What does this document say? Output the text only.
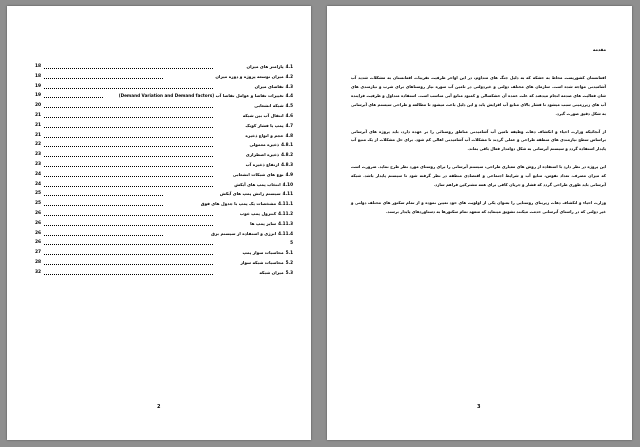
4.1پارامتر های میزان
18
4.2میزان توسعه پروژه و دوره میزان
18
4.3تقاضای میزان
19
4.4تغییرات تقاضا و عوامل تقاضا آب (Demand Variation and Demand factors)
19
4.5شبکه انشعابی
20
4.6انتقال آب بین شبکه
21
4.7پمپ یا فشار کوبک
21
4.8حجم و انواع ذخیره
21
4.8.1ذخیره معمولی
22
4.8.2ذخیره اضطراری
23
4.8.3ارتفاع ذخیره آب
23
4.9نوع های شبکات انشعابی
24
4.10انتخاب پمپ های آبکش
24
4.11سیستم رانش پمپ های آبکش
25
4.11.1مشخصات یک پمپ با جدول های فوق
25
4.11.2کنترول پمپ خوب
26
4.11.3سایز پمپ ها
26
4.11.4انرژی و استفاده از سیستم برق
26
5
26
5.1محاسبات سوار پمپ
27
5.2محاسبات شبکه سوار
28
5.3میزان شبکه
32
2
مقدمه

افغانستان کشوریست محاط به خشکه که به دلیل جنگ های متداوم، در این اواخر ظرفیت تقریبات افغانستان به مشکلات شدید آب آشامیدنی مواجه شده است. سازمان های مختلف دولتی و غیردولتی در تامین آب سوره نیاز روستاهای برای شرب و نیازمندی های شان فعالیت های صدمه انجام میدهند که علت عمده آن خشکسالی و کمبود منابع آبی مناسب است. استفاده متداول و ظرفیت فزاینده آب های زیرزمینی سبب میشود تا فشار بالای منابع آب افزایش یابد و این دلیل باعث میشود تا مطالعه و طراحی سیستم های آبرسانی به شکل دقیق صورت گیرد.

از آنجائیکه وزارت احیاء و انکشاف دهات وظیفه تامین آب آشامیدنی مناطق روستائی را بر عهده دارد، باید پروژه های آبرسانی براساس سطح نیازمندی های منطقه طراحی و عملی گردند تا مشکلات آب آشامیدنی اهالی کم شود. برای حل مشکلات از یک منبع آب پایدار استفاده گردد و سیستم آبرسانی به شکل دوامدار فعال باقی بماند.

این پروژه در نظر دارد با استفاده از روش های معیاری طراحی، سیستم آبرسانی را برای روستای مورد نظر طرح نماید. ضرورت است که میزان مصرف، تعداد نفوس، منابع آب و شرایط اجتماعی و اقتصادی منطقه در نظر گرفته شود تا سیستم پایدار باشد. شبکه آبرسانی باید طوری طراحی گردد که فشار و جریان کافی برای همه مشترکین فراهم سازد.

وزارت احیاء و انکشاف دهات زیربنای روستایی را بعنوان یکی از اولویت های خود تعیین نموده و از تمام سکتور های مختلف دولتی و غیر دولتی که در راستای آبرسانی خدمت میکنند تشویق مینماید که متعهد تمام سکتورها به دستاوردهای پایدار برسند.

3
